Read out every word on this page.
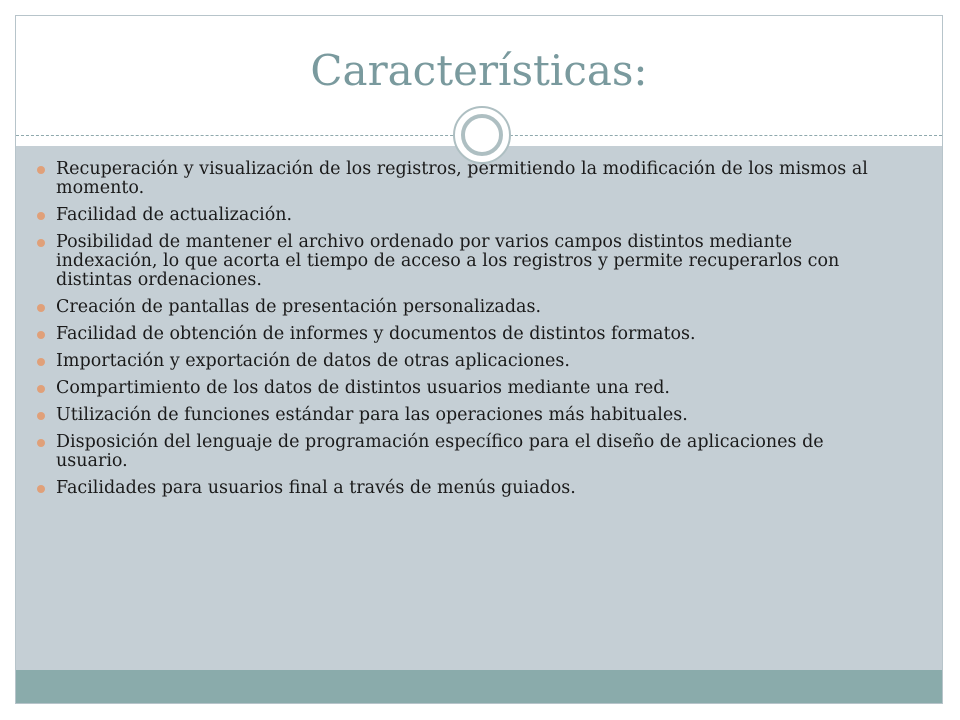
Características:
Recuperación y visualización de los registros, permitiendo la modificación de los mismos al momento.
Facilidad de actualización.
Posibilidad de mantener el archivo ordenado por varios campos distintos mediante indexación, lo que acorta el tiempo de acceso a los registros y permite recuperarlos con distintas ordenaciones.
Creación de pantallas de presentación personalizadas.
Facilidad de obtención de informes y documentos de distintos formatos.
Importación y exportación de datos de otras aplicaciones.
Compartimiento de los datos de distintos usuarios mediante una red.
Utilización de funciones estándar para las operaciones más habituales.
Disposición del lenguaje de programación específico para el diseño de aplicaciones de usuario.
Facilidades para usuarios final a través de menús guiados.
